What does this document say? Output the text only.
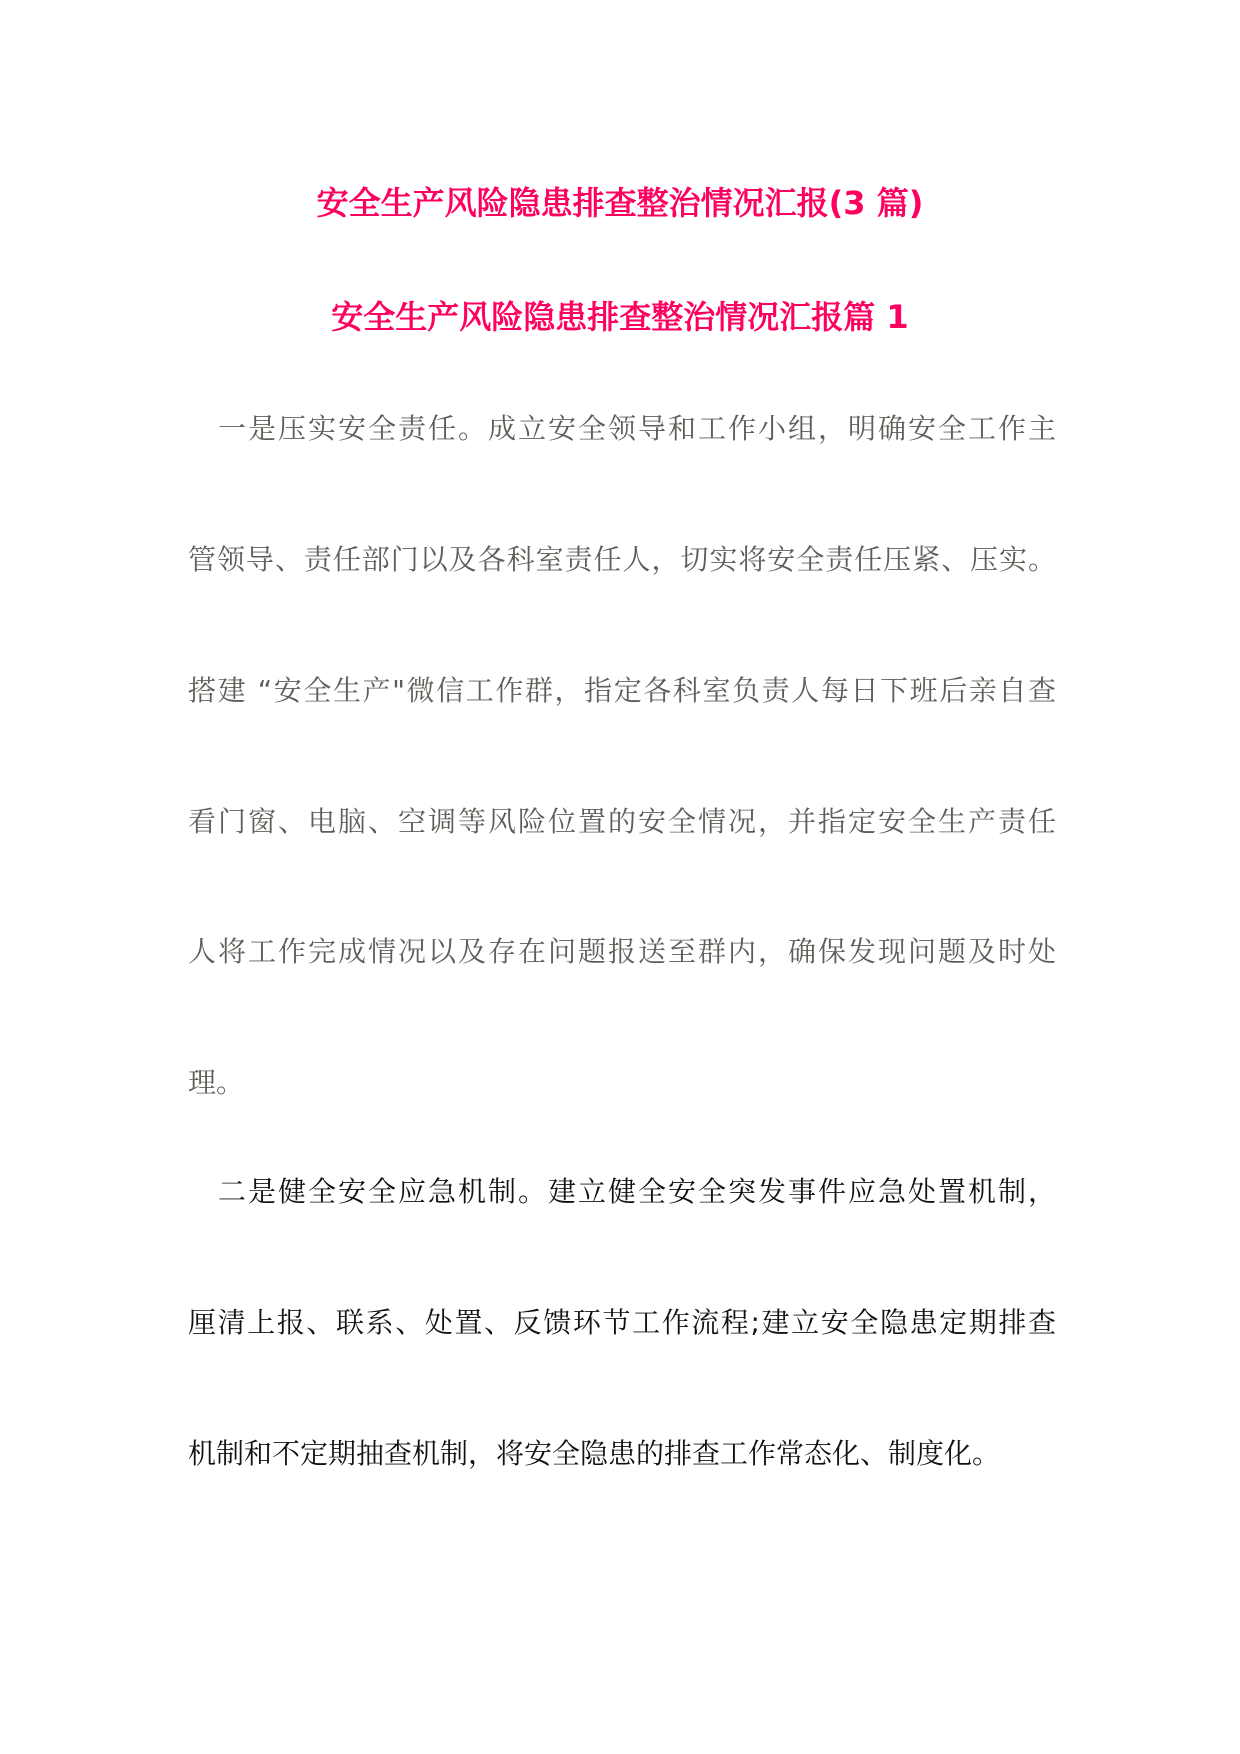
安全生产风险隐患排查整治情况汇报(3 篇)
安全生产风险隐患排查整治情况汇报篇 1
　一是压实安全责任。成立安全领导和工作小组，明确安全工作主
管领导、责任部门以及各科室责任人，切实将安全责任压紧、压实。
搭建 “安全生产"微信工作群，指定各科室负责人每日下班后亲自查
看门窗、电脑、空调等风险位置的安全情况，并指定安全生产责任
人将工作完成情况以及存在问题报送至群内，确保发现问题及时处
理。
　二是健全安全应急机制。建立健全安全突发事件应急处置机制，
厘清上报、联系、处置、反馈环节工作流程;建立安全隐患定期排查
机制和不定期抽查机制，将安全隐患的排查工作常态化、制度化。
